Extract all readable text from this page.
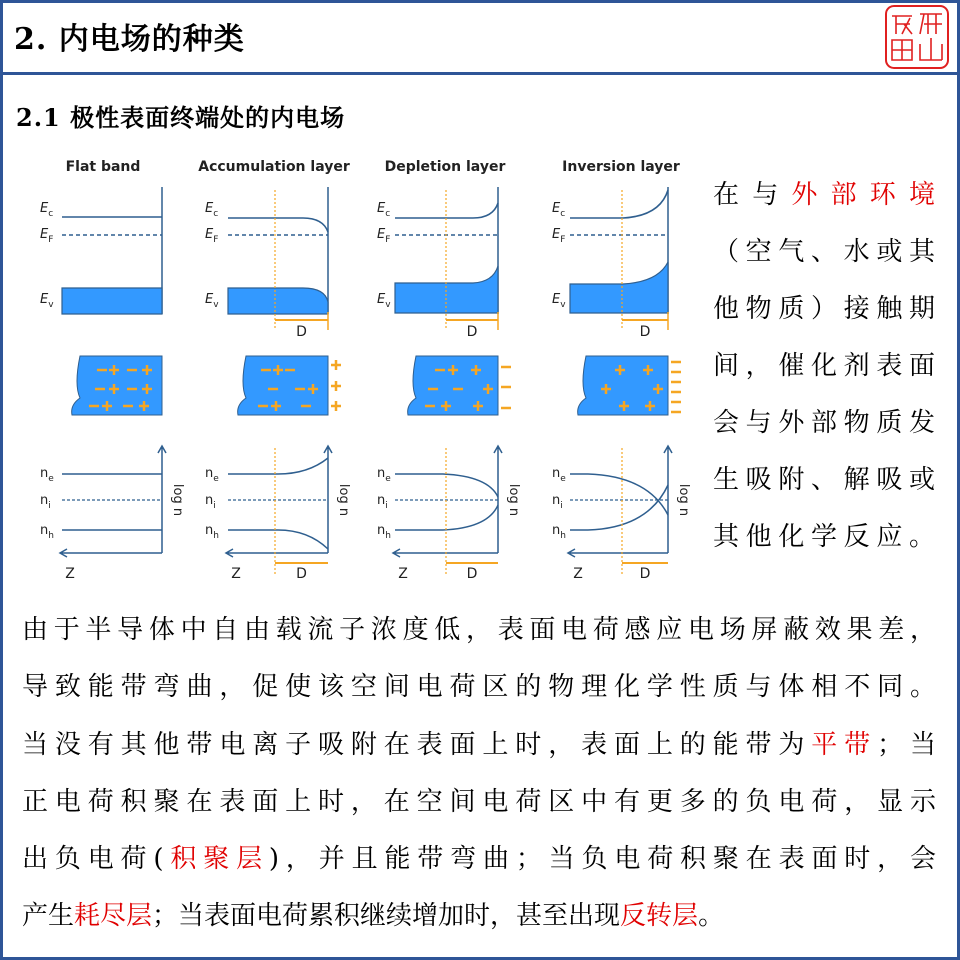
2. 内电场的种类
2.1 极性表面终端处的内电场
Flat band
$E_c$
$E_F$
$E_v$
$n_e$
$n_i$
$n_h$
log n
Z
Accumulation layer
$E_c$
$E_F$
$E_v$
D
$n_e$
$n_i$
$n_h$
log n
Z	D
Depletion layer
$E_c$
$E_F$
$E_v$
D
$n_e$
$n_i$
$n_h$
log n
Z	D
Inversion layer
$E_c$
$E_F$
$E_v$
D
$n_e$
$n_i$
$n_h$
log n
Z	D
在与外部环境
（空气、水或其
他物质）接触期
间，催化剂表面
会与外部物质发
生吸附、解吸或
其他化学反应。
由于半导体中自由载流子浓度低，表面电荷感应电场屏蔽效果差，
导致能带弯曲，促使该空间电荷区的物理化学性质与体相不同。
当没有其他带电离子吸附在表面上时，表面上的能带为平带；当
正电荷积聚在表面上时，在空间电荷区中有更多的负电荷，显示
出负电荷(积聚层)，并且能带弯曲；当负电荷积聚在表面时，会
产生耗尽层；当表面电荷累积继续增加时，甚至出现反转层。
